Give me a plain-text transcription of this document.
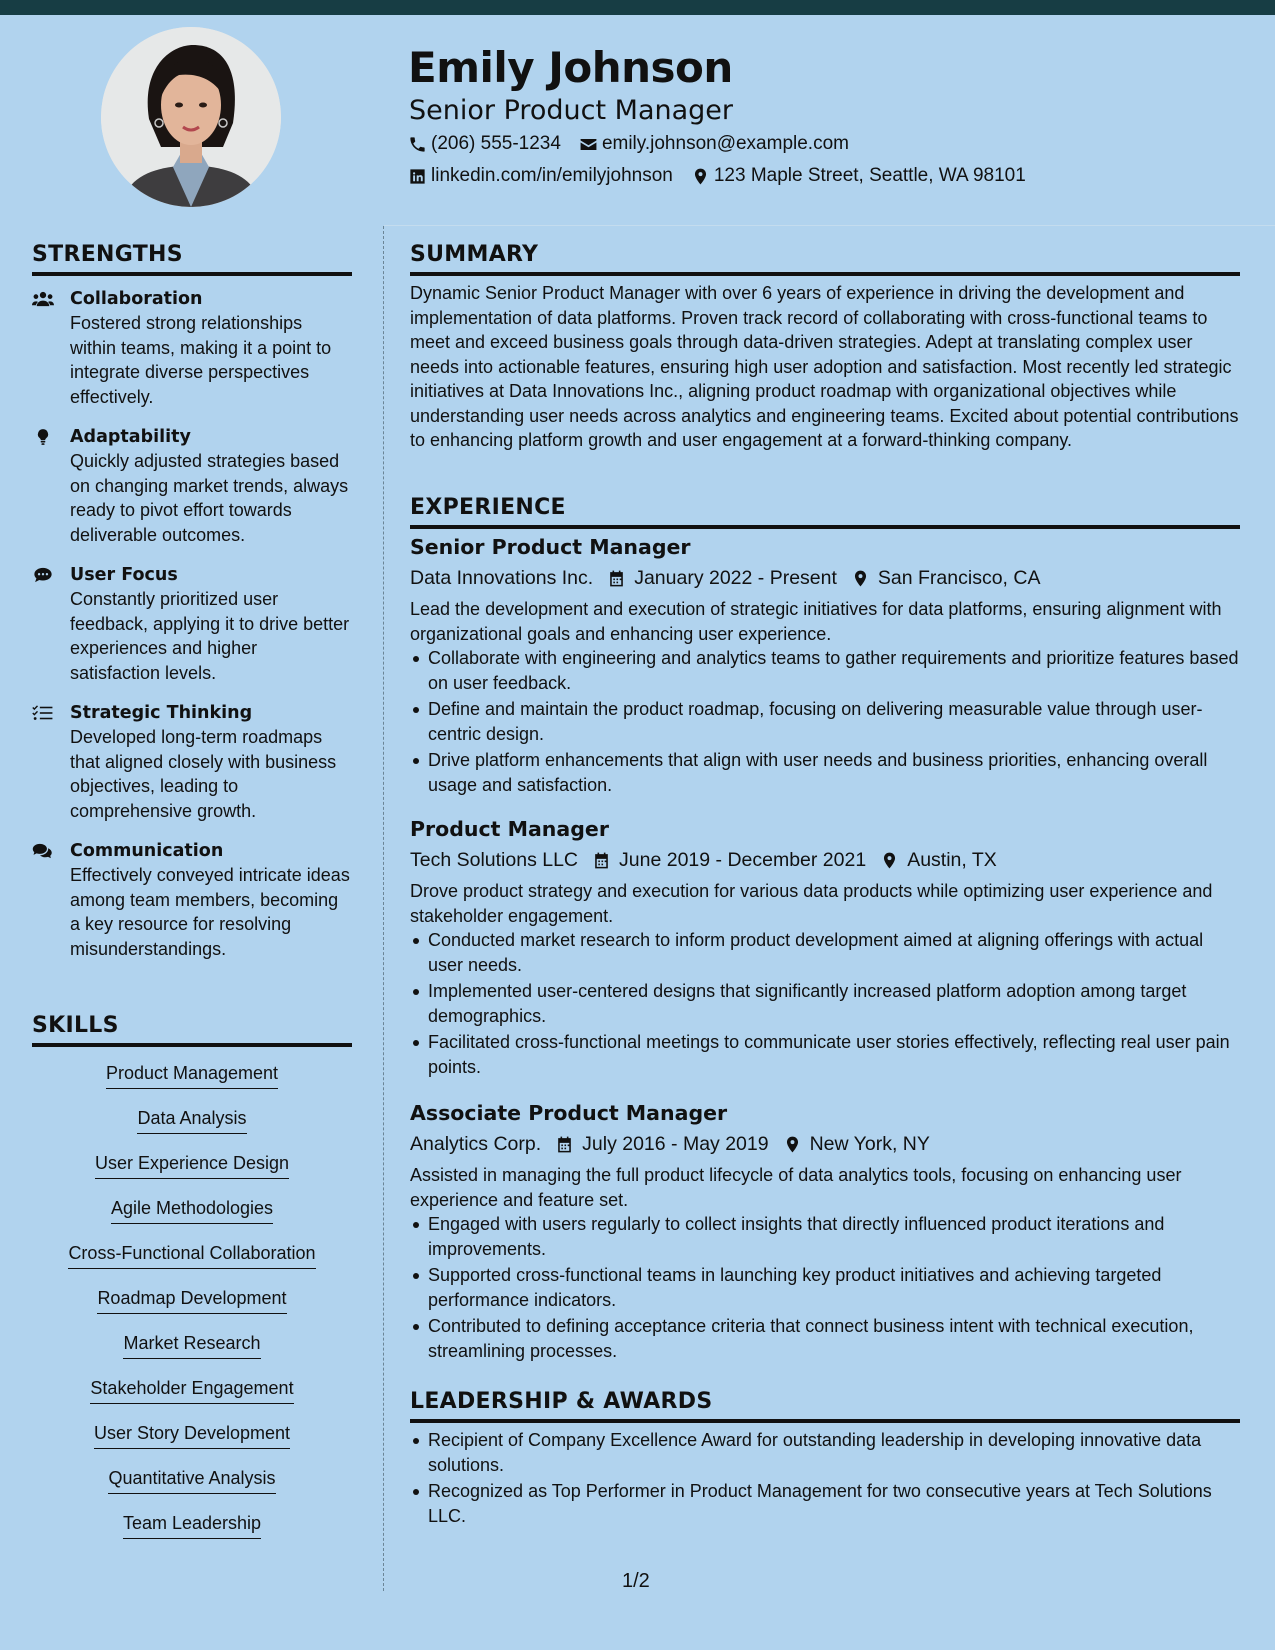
Emily Johnson
Senior Product Manager
(206) 555-1234 emily.johnson@example.com
linkedin.com/in/emilyjohnson 123 Maple Street, Seattle, WA 98101
STRENGTHS
Collaboration
Fostered strong relationships within teams, making it a point to integrate diverse perspectives effectively.
Adaptability
Quickly adjusted strategies based on changing market trends, always ready to pivot effort towards deliverable outcomes.
User Focus
Constantly prioritized user feedback, applying it to drive better experiences and higher satisfaction levels.
Strategic Thinking
Developed long-term roadmaps that aligned closely with business objectives, leading to comprehensive growth.
Communication
Effectively conveyed intricate ideas among team members, becoming a key resource for resolving misunderstandings.
SKILLS
Product Management
Data Analysis
User Experience Design
Agile Methodologies
Cross-Functional Collaboration
Roadmap Development
Market Research
Stakeholder Engagement
User Story Development
Quantitative Analysis
Team Leadership
SUMMARY

Dynamic Senior Product Manager with over 6 years of experience in driving the development and implementation of data platforms. Proven track record of collaborating with cross-functional teams to meet and exceed business goals through data-driven strategies. Adept at translating complex user needs into actionable features, ensuring high user adoption and satisfaction. Most recently led strategic initiatives at Data Innovations Inc., aligning product roadmap with organizational objectives while understanding user needs across analytics and engineering teams. Excited about potential contributions to enhancing platform growth and user engagement at a forward-thinking company.

EXPERIENCE
Senior Product Manager
Data Innovations Inc. January 2022 - Present San Francisco, CA

Lead the development and execution of strategic initiatives for data platforms, ensuring alignment with organizational goals and enhancing user experience.

Collaborate with engineering and analytics teams to gather requirements and prioritize features based on user feedback.
Define and maintain the product roadmap, focusing on delivering measurable value through user-centric design.
Drive platform enhancements that align with user needs and business priorities, enhancing overall usage and satisfaction.
Product Manager
Tech Solutions LLC June 2019 - December 2021 Austin, TX

Drove product strategy and execution for various data products while optimizing user experience and stakeholder engagement.

Conducted market research to inform product development aimed at aligning offerings with actual user needs.
Implemented user-centered designs that significantly increased platform adoption among target demographics.
Facilitated cross-functional meetings to communicate user stories effectively, reflecting real user pain points.
Associate Product Manager
Analytics Corp. July 2016 - May 2019 New York, NY

Assisted in managing the full product lifecycle of data analytics tools, focusing on enhancing user experience and feature set.

Engaged with users regularly to collect insights that directly influenced product iterations and improvements.
Supported cross-functional teams in launching key product initiatives and achieving targeted performance indicators.
Contributed to defining acceptance criteria that connect business intent with technical execution, streamlining processes.
LEADERSHIP & AWARDS
Recipient of Company Excellence Award for outstanding leadership in developing innovative data solutions.
Recognized as Top Performer in Product Management for two consecutive years at Tech Solutions LLC.
1/2
